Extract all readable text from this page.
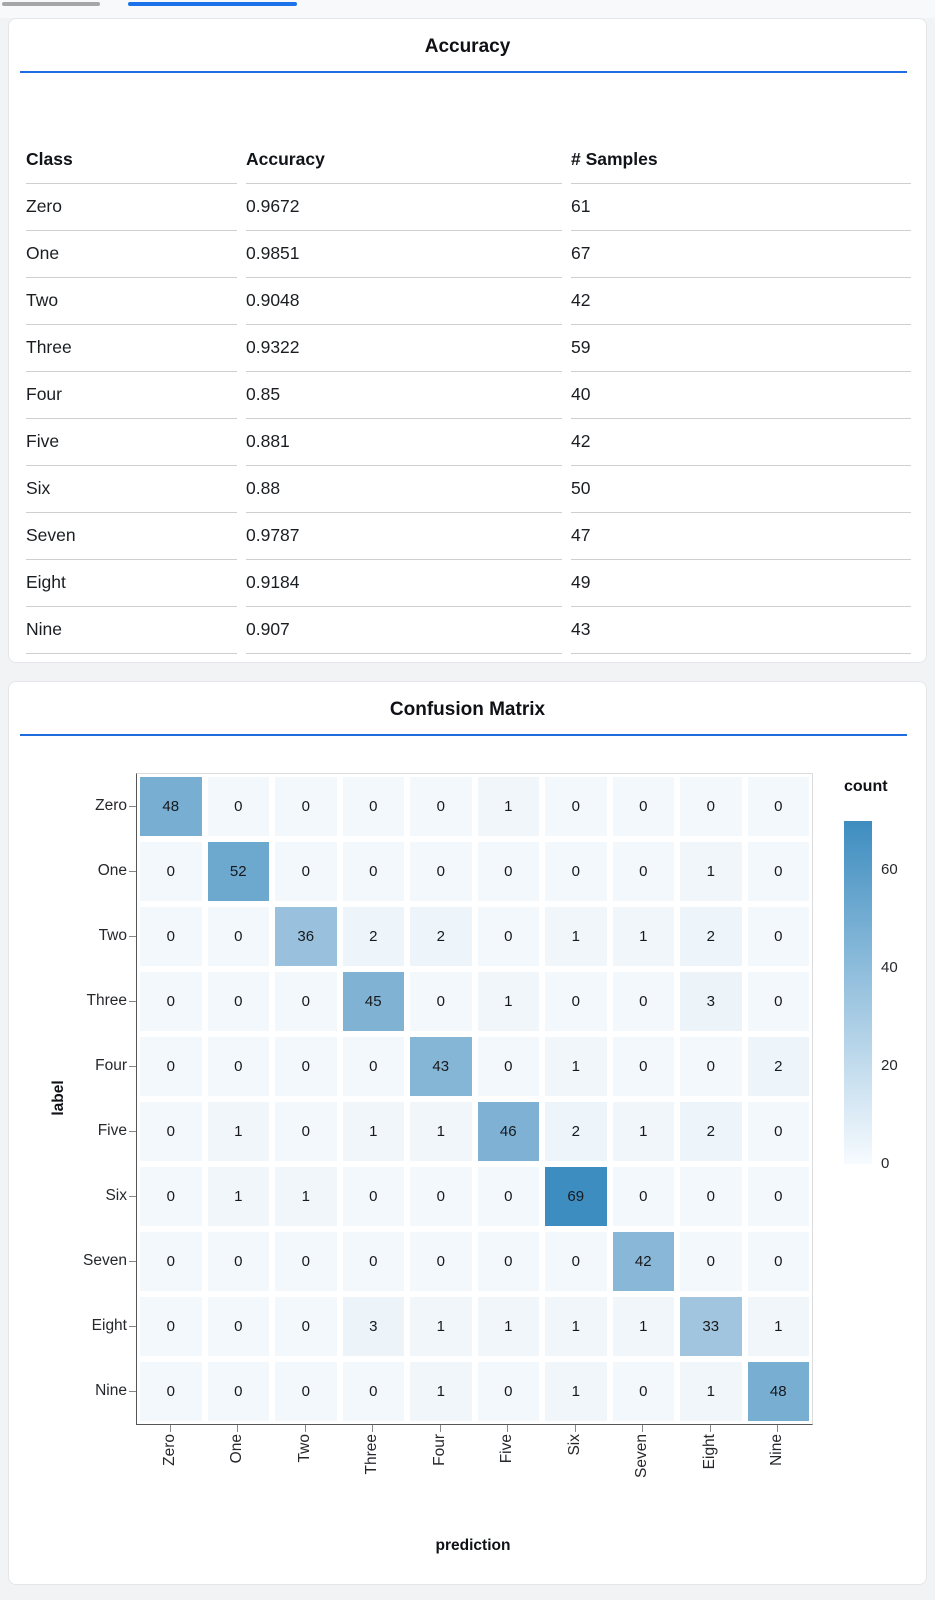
Accuracy
Class	Accuracy	# Samples
Zero	0.9672	61
One	0.9851	67
Two	0.9048	42
Three	0.9322	59
Four	0.85	40
Five	0.881	42
Six	0.88	50
Seven	0.9787	47
Eight	0.9184	49
Nine	0.907	43
Confusion Matrix
48	0	0	0	0	1	0	0	0	0
0	52	0	0	0	0	0	0	1	0
0	0	36	2	2	0	1	1	2	0
0	0	0	45	0	1	0	0	3	0
0	0	0	0	43	0	1	0	0	2
0	1	0	1	1	46	2	1	2	0
0	1	1	0	0	0	69	0	0	0
0	0	0	0	0	0	0	42	0	0
0	0	0	3	1	1	1	1	33	1
0	0	0	0	1	0	1	0	1	48
label
prediction
count
Zero
One
Two
Three
Four
Five
Six
Seven
Eight
Nine
Zero	One	Two	Three	Four	Five	Six	Seven	Eight	Nine
60
40
20
0
